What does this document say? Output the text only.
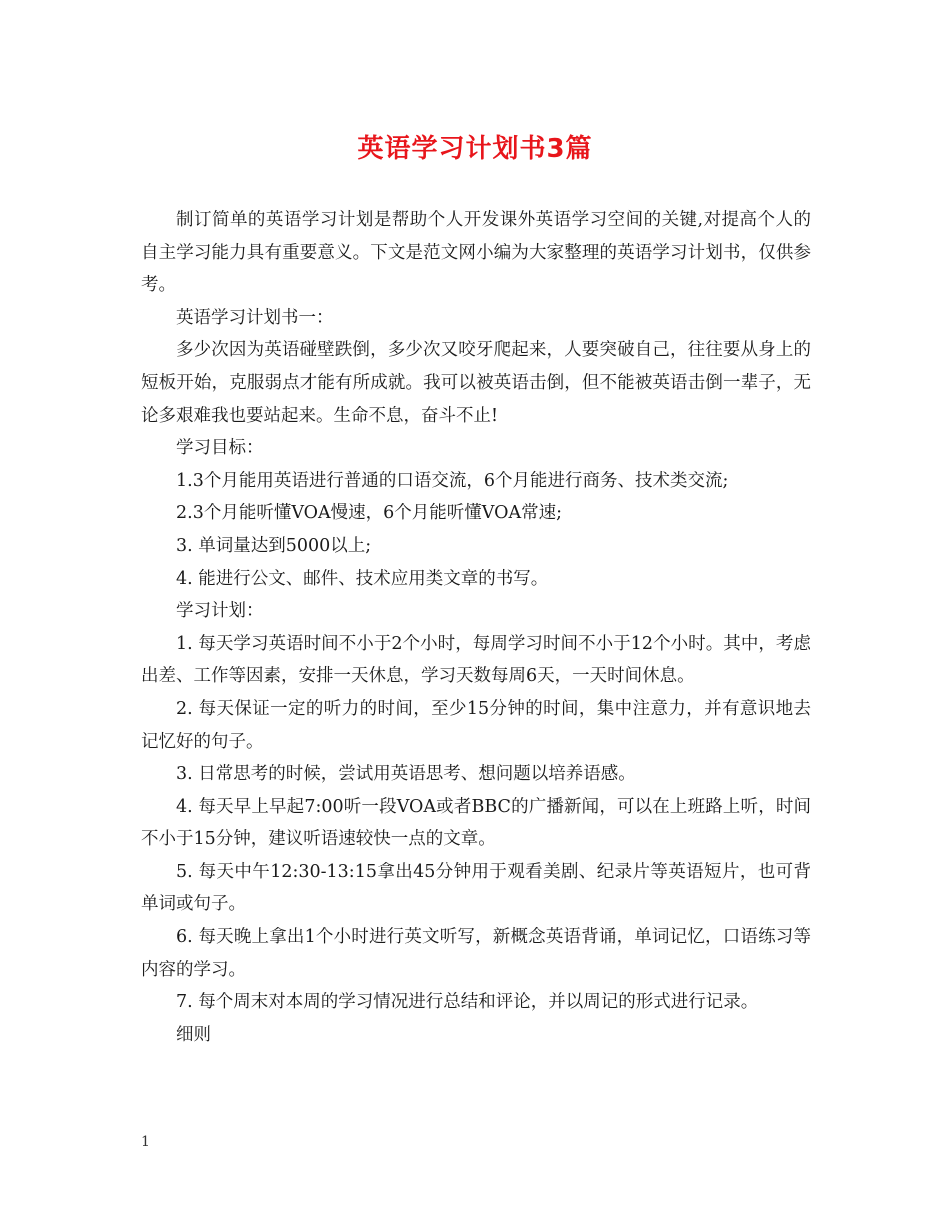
英语学习计划书3篇

制订简单的英语学习计划是帮助个人开发课外英语学习空间的关键,对提高个人的自主学习能力具有重要意义。下文是范文网小编为大家整理的英语学习计划书，仅供参考。

英语学习计划书一：

多少次因为英语碰壁跌倒，多少次又咬牙爬起来，人要突破自己，往往要从身上的短板开始，克服弱点才能有所成就。我可以被英语击倒，但不能被英语击倒一辈子，无论多艰难我也要站起来。生命不息，奋斗不止!

学习目标：

1.3个月能用英语进行普通的口语交流，6个月能进行商务、技术类交流;

2.3个月能听懂VOA慢速，6个月能听懂VOA常速;

3. 单词量达到5000以上;

4. 能进行公文、邮件、技术应用类文章的书写。

学习计划：

1. 每天学习英语时间不小于2个小时，每周学习时间不小于12个小时。其中，考虑出差、工作等因素，安排一天休息，学习天数每周6天，一天时间休息。

2. 每天保证一定的听力的时间，至少15分钟的时间，集中注意力，并有意识地去记忆好的句子。

3. 日常思考的时候，尝试用英语思考、想问题以培养语感。

4. 每天早上早起7:00听一段VOA或者BBC的广播新闻，可以在上班路上听，时间不小于15分钟，建议听语速较快一点的文章。

5. 每天中午12:30-13:15拿出45分钟用于观看美剧、纪录片等英语短片，也可背单词或句子。

6. 每天晚上拿出1个小时进行英文听写，新概念英语背诵，单词记忆，口语练习等内容的学习。

7. 每个周末对本周的学习情况进行总结和评论，并以周记的形式进行记录。

细则

1
